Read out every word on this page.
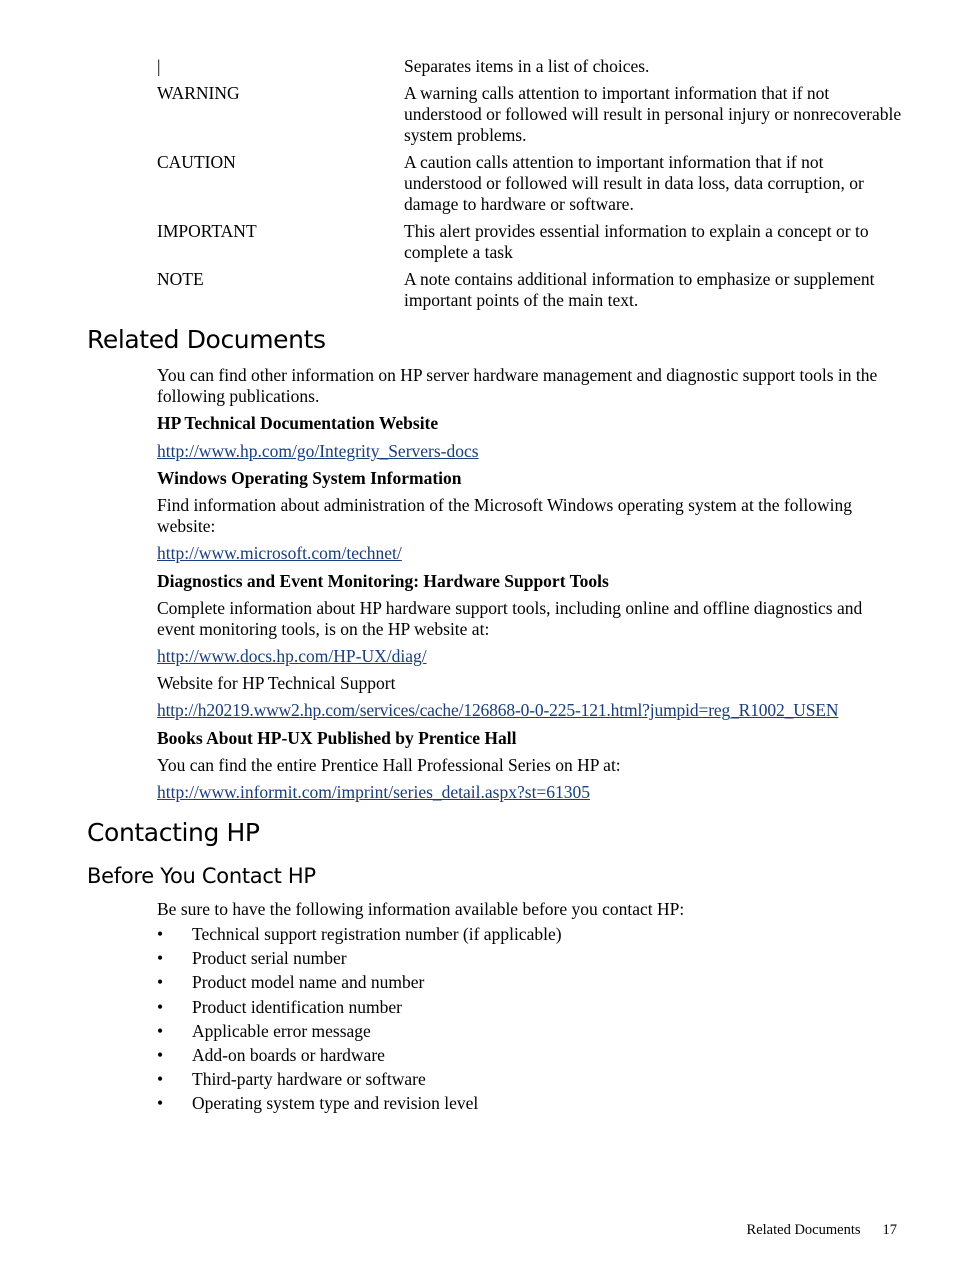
|	Separates items in a list of choices.
WARNING	A warning calls attention to important information that if not understood or followed will result in personal injury or nonrecoverable system problems.
CAUTION	A caution calls attention to important information that if not understood or followed will result in data loss, data corruption, or damage to hardware or software.
IMPORTANT	This alert provides essential information to explain a concept or to complete a task
NOTE	A note contains additional information to emphasize or supplement important points of the main text.
Related Documents
You can find other information on HP server hardware management and diagnostic support tools in the following publications.
HP Technical Documentation Website
http://www.hp.com/go/Integrity_Servers-docs
Windows Operating System Information
Find information about administration of the Microsoft Windows operating system at the following website:
http://www.microsoft.com/technet/
Diagnostics and Event Monitoring: Hardware Support Tools
Complete information about HP hardware support tools, including online and offline diagnostics and event monitoring tools, is on the HP website at:
http://www.docs.hp.com/HP-UX/diag/
Website for HP Technical Support
http://h20219.www2.hp.com/services/cache/126868-0-0-225-121.html?jumpid=reg_R1002_USEN
Books About HP-UX Published by Prentice Hall
You can find the entire Prentice Hall Professional Series on HP at:
http://www.informit.com/imprint/series_detail.aspx?st=61305
Contacting HP
Before You Contact HP
Be sure to have the following information available before you contact HP:
•	Technical support registration number (if applicable)
•	Product serial number
•	Product model name and number
•	Product identification number
•	Applicable error message
•	Add-on boards or hardware
•	Third-party hardware or software
•	Operating system type and revision level
Related Documents 17
